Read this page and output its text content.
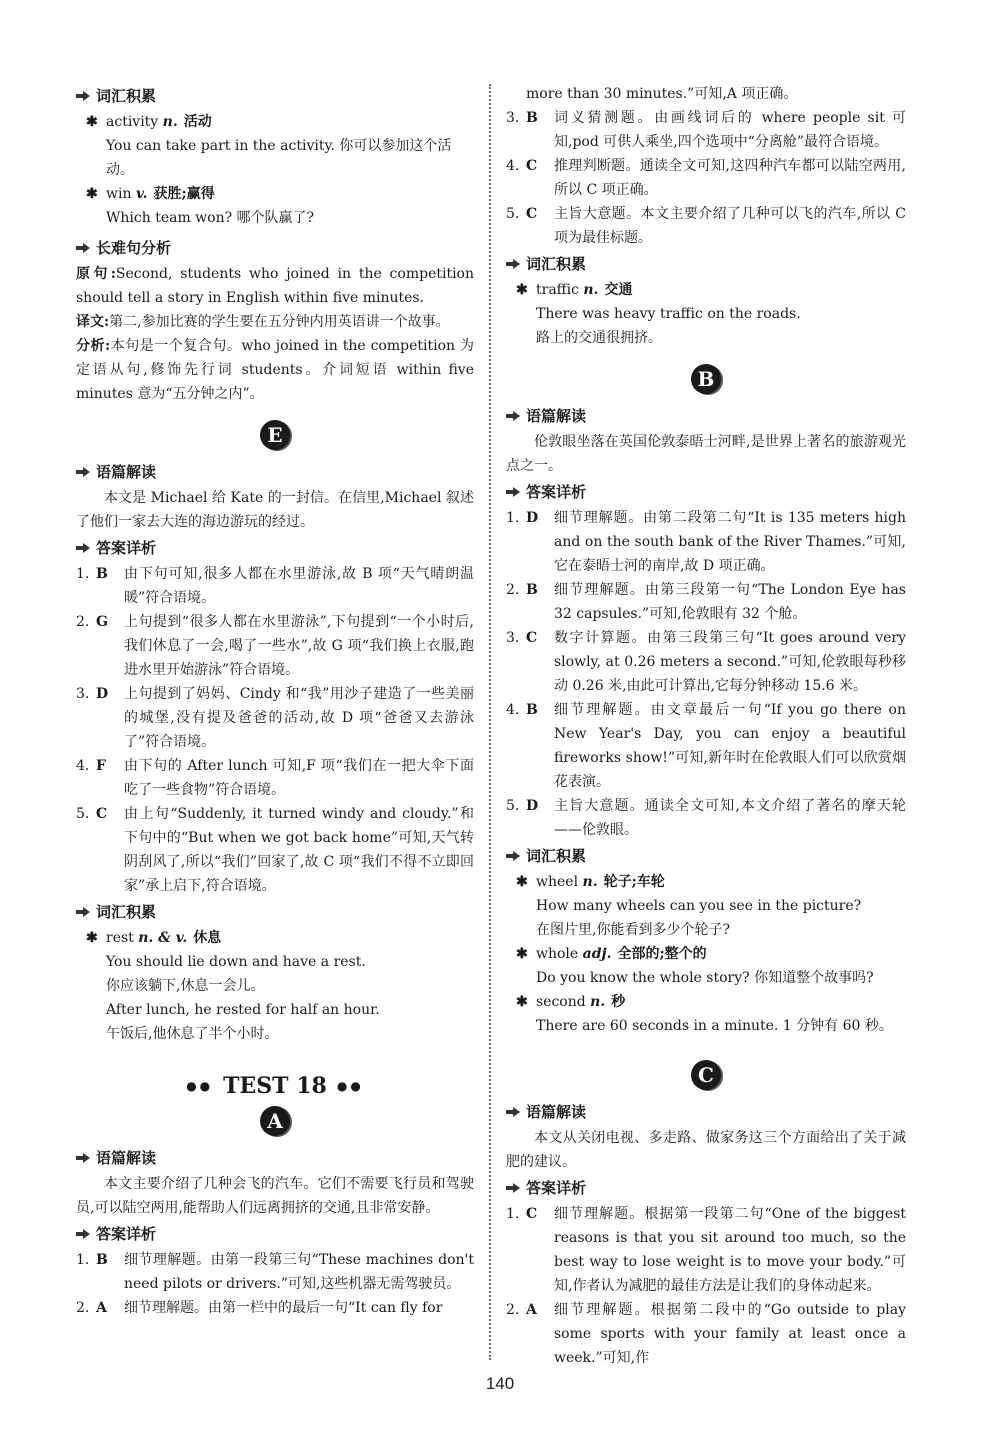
词汇积累
✱ activity n. 活动
You can take part in the activity. 你可以参加这个活动。
✱ win v. 获胜;赢得
Which team won? 哪个队赢了?
长难句分析

原句:Second, students who joined in the competition should tell a story in English within five minutes.

译文:第二,参加比赛的学生要在五分钟内用英语讲一个故事。

分析:本句是一个复合句。who joined in the competition 为定语从句,修饰先行词 students。介词短语 within five minutes 意为“五分钟之内”。

E
语篇解读

本文是 Michael 给 Kate 的一封信。在信里,Michael 叙述了他们一家去大连的海边游玩的经过。

答案详析
1. B	由下句可知,很多人都在水里游泳,故 B 项“天气晴朗温暖”符合语境。
2. G	上句提到“很多人都在水里游泳”,下句提到“一个小时后,我们休息了一会,喝了一些水”,故 G 项“我们换上衣服,跑进水里开始游泳”符合语境。
3. D	上句提到了妈妈、Cindy 和“我”用沙子建造了一些美丽的城堡,没有提及爸爸的活动,故 D 项“爸爸又去游泳了”符合语境。
4. F	由下句的 After lunch 可知,F 项“我们在一把大伞下面吃了一些食物”符合语境。
5. C	由上句“Suddenly, it turned windy and cloudy.”和下句中的“But when we got back home”可知,天气转阴刮风了,所以“我们”回家了,故 C 项“我们不得不立即回家”承上启下,符合语境。
词汇积累
✱ rest n. & v. 休息
You should lie down and have a rest.
你应该躺下,休息一会儿。
After lunch, he rested for half an hour.
午饭后,他休息了半个小时。
●● TEST 18 ●●
A
语篇解读

本文主要介绍了几种会飞的汽车。它们不需要飞行员和驾驶员,可以陆空两用,能帮助人们远离拥挤的交通,且非常安静。

答案详析
1. B	细节理解题。由第一段第三句“These machines don't need pilots or drivers.”可知,这些机器无需驾驶员。
2. A	细节理解题。由第一栏中的最后一句“It can fly for

more than 30 minutes.”可知,A 项正确。

3. B	词义猜测题。由画线词后的 where people sit 可知,pod 可供人乘坐,四个选项中“分离舱”最符合语境。
4. C	推理判断题。通读全文可知,这四种汽车都可以陆空两用,所以 C 项正确。
5. C	主旨大意题。本文主要介绍了几种可以飞的汽车,所以 C 项为最佳标题。
词汇积累
✱ traffic n. 交通
There was heavy traffic on the roads.
路上的交通很拥挤。
B
语篇解读

伦敦眼坐落在英国伦敦泰晤士河畔,是世界上著名的旅游观光点之一。

答案详析
1. D	细节理解题。由第二段第二句“It is 135 meters high and on the south bank of the River Thames.”可知,它在泰晤士河的南岸,故 D 项正确。
2. B	细节理解题。由第三段第一句“The London Eye has 32 capsules.”可知,伦敦眼有 32 个舱。
3. C	数字计算题。由第三段第三句“It goes around very slowly, at 0.26 meters a second.”可知,伦敦眼每秒移动 0.26 米,由此可计算出,它每分钟移动 15.6 米。
4. B	细节理解题。由文章最后一句“If you go there on New Year's Day, you can enjoy a beautiful fireworks show!”可知,新年时在伦敦眼人们可以欣赏烟花表演。
5. D	主旨大意题。通读全文可知,本文介绍了著名的摩天轮——伦敦眼。
词汇积累
✱ wheel n. 轮子;车轮
How many wheels can you see in the picture?
在图片里,你能看到多少个轮子?
✱ whole adj. 全部的;整个的
Do you know the whole story? 你知道整个故事吗?
✱ second n. 秒
There are 60 seconds in a minute. 1 分钟有 60 秒。
C
语篇解读

本文从关闭电视、多走路、做家务这三个方面给出了关于减肥的建议。

答案详析
1. C	细节理解题。根据第一段第二句“One of the biggest reasons is that you sit around too much, so the best way to lose weight is to move your body.”可知,作者认为减肥的最佳方法是让我们的身体动起来。
2. A	细节理解题。根据第二段中的“Go outside to play some sports with your family at least once a week.”可知,作
140
